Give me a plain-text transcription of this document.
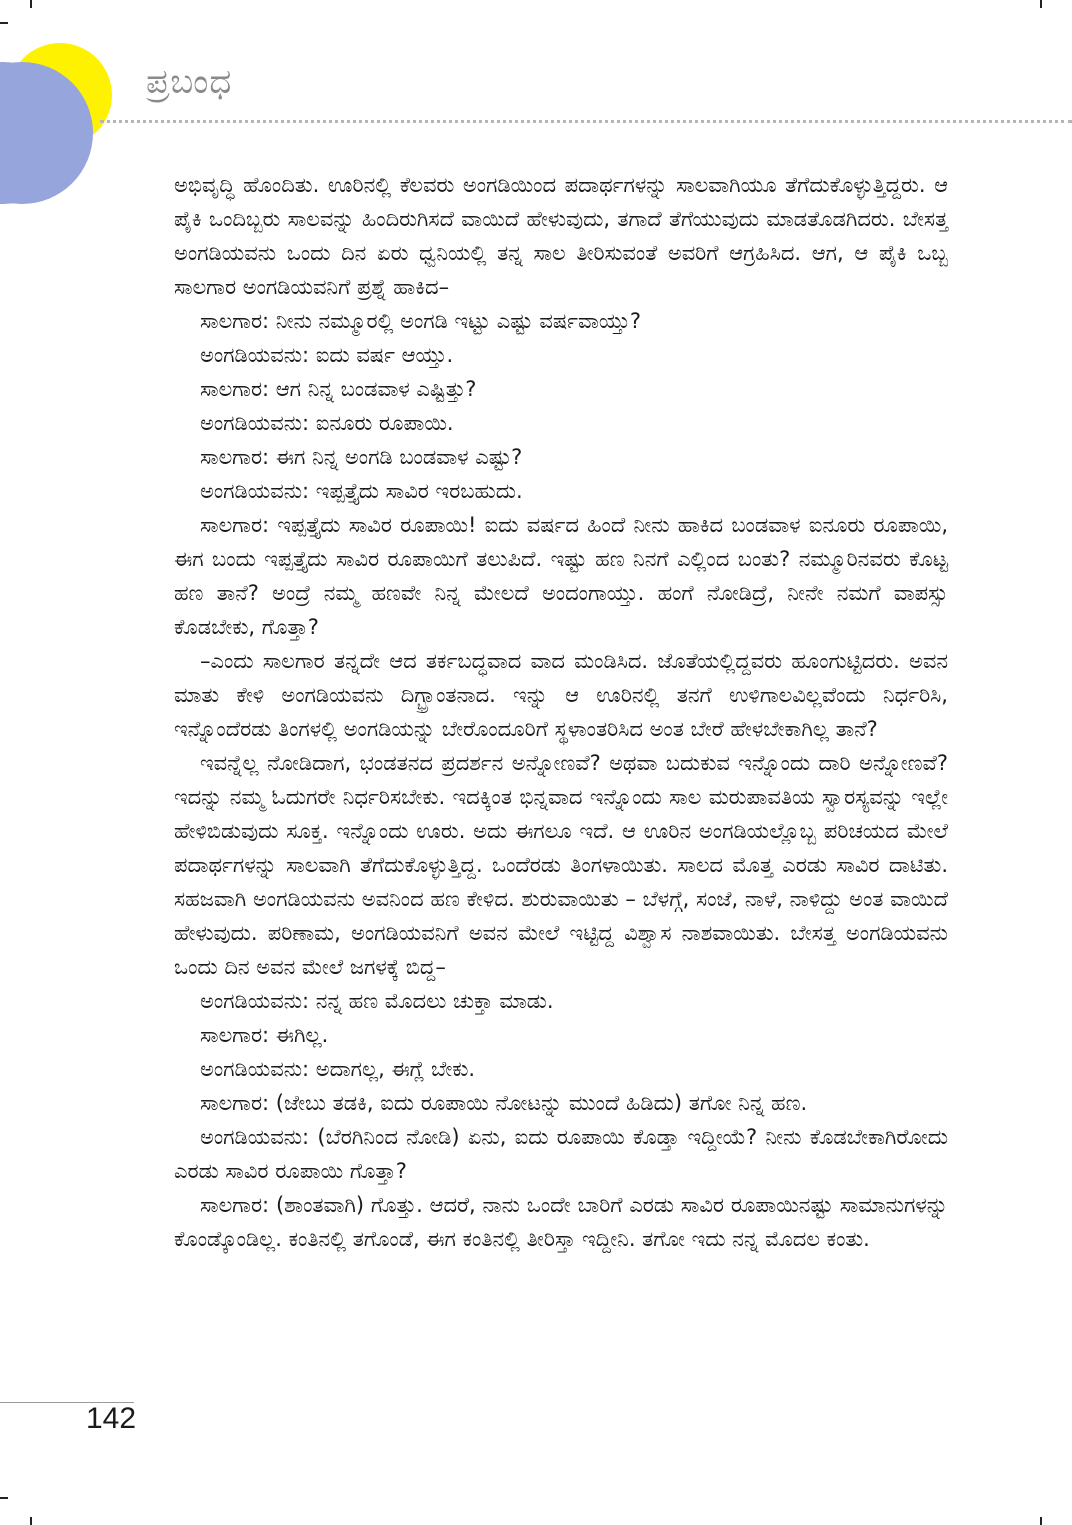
ಪ್ರಬಂಧ

ಅಭಿವೃದ್ಧಿ ಹೊಂದಿತು. ಊರಿನಲ್ಲಿ ಕೆಲವರು ಅಂಗಡಿಯಿಂದ ಪದಾರ್ಥಗಳನ್ನು ಸಾಲವಾಗಿಯೂ ತೆಗೆದುಕೊಳ್ಳುತ್ತಿದ್ದರು. ಆ ಪೈಕಿ ಒಂದಿಬ್ಬರು ಸಾಲವನ್ನು ಹಿಂದಿರುಗಿಸದೆ ವಾಯಿದೆ ಹೇಳುವುದು, ತಗಾದೆ ತೆಗೆಯುವುದು ಮಾಡತೊಡಗಿದರು. ಬೇಸತ್ತ ಅಂಗಡಿಯವನು ಒಂದು ದಿನ ಏರು ಧ್ವನಿಯಲ್ಲಿ ತನ್ನ ಸಾಲ ತೀರಿಸುವಂತೆ ಅವರಿಗೆ ಆಗ್ರಹಿಸಿದ. ಆಗ, ಆ ಪೈಕಿ ಒಬ್ಬ ಸಾಲಗಾರ ಅಂಗಡಿಯವನಿಗೆ ಪ್ರಶ್ನೆ ಹಾಕಿದ–

ಸಾಲಗಾರ: ನೀನು ನಮ್ಮೂರಲ್ಲಿ ಅಂಗಡಿ ಇಟ್ಟು ಎಷ್ಟು ವರ್ಷವಾಯ್ತು?

ಅಂಗಡಿಯವನು: ಐದು ವರ್ಷ ಆಯ್ತು.

ಸಾಲಗಾರ: ಆಗ ನಿನ್ನ ಬಂಡವಾಳ ಎಷ್ಟಿತ್ತು?

ಅಂಗಡಿಯವನು: ಐನೂರು ರೂಪಾಯಿ.

ಸಾಲಗಾರ: ಈಗ ನಿನ್ನ ಅಂಗಡಿ ಬಂಡವಾಳ ಎಷ್ಟು?

ಅಂಗಡಿಯವನು: ಇಪ್ಪತ್ತೈದು ಸಾವಿರ ಇರಬಹುದು.

ಸಾಲಗಾರ: ಇಪ್ಪತ್ತೈದು ಸಾವಿರ ರೂಪಾಯಿ! ಐದು ವರ್ಷದ ಹಿಂದೆ ನೀನು ಹಾಕಿದ ಬಂಡವಾಳ ಐನೂರು ರೂಪಾಯಿ, ಈಗ ಬಂದು ಇಪ್ಪತ್ತೈದು ಸಾವಿರ ರೂಪಾಯಿಗೆ ತಲುಪಿದೆ. ಇಷ್ಟು ಹಣ ನಿನಗೆ ಎಲ್ಲಿಂದ ಬಂತು? ನಮ್ಮೂರಿನವರು ಕೊಟ್ಟ ಹಣ ತಾನೆ? ಅಂದ್ರೆ ನಮ್ಮ ಹಣವೇ ನಿನ್ನ ಮೇಲದೆ ಅಂದಂಗಾಯ್ತು. ಹಂಗೆ ನೋಡಿದ್ರೆ, ನೀನೇ ನಮಗೆ ವಾಪಸ್ಸು ಕೊಡಬೇಕು, ಗೊತ್ತಾ?

–ಎಂದು ಸಾಲಗಾರ ತನ್ನದೇ ಆದ ತರ್ಕಬದ್ಧವಾದ ವಾದ ಮಂಡಿಸಿದ. ಜೊತೆಯಲ್ಲಿದ್ದವರು ಹೂಂಗುಟ್ಟಿದರು. ಅವನ ಮಾತು ಕೇಳಿ ಅಂಗಡಿಯವನು ದಿಗ್ಭ್ರಾಂತನಾದ. ಇನ್ನು ಆ ಊರಿನಲ್ಲಿ ತನಗೆ ಉಳಿಗಾಲವಿಲ್ಲವೆಂದು ನಿರ್ಧರಿಸಿ, ಇನ್ನೊಂದೆರಡು ತಿಂಗಳಲ್ಲಿ ಅಂಗಡಿಯನ್ನು ಬೇರೊಂದೂರಿಗೆ ಸ್ಥಳಾಂತರಿಸಿದ ಅಂತ ಬೇರೆ ಹೇಳಬೇಕಾಗಿಲ್ಲ ತಾನೆ?

ಇವನ್ನೆಲ್ಲ ನೋಡಿದಾಗ, ಭಂಡತನದ ಪ್ರದರ್ಶನ ಅನ್ನೋಣವೆ? ಅಥವಾ ಬದುಕುವ ಇನ್ನೊಂದು ದಾರಿ ಅನ್ನೋಣವೆ? ಇದನ್ನು ನಮ್ಮ ಓದುಗರೇ ನಿರ್ಧರಿಸಬೇಕು. ಇದಕ್ಕಿಂತ ಭಿನ್ನವಾದ ಇನ್ನೊಂದು ಸಾಲ ಮರುಪಾವತಿಯ ಸ್ವಾರಸ್ಯವನ್ನು ಇಲ್ಲೇ ಹೇಳಿಬಿಡುವುದು ಸೂಕ್ತ. ಇನ್ನೊಂದು ಊರು. ಅದು ಈಗಲೂ ಇದೆ. ಆ ಊರಿನ ಅಂಗಡಿಯಲ್ಲೊಬ್ಬ ಪರಿಚಯದ ಮೇಲೆ ಪದಾರ್ಥಗಳನ್ನು ಸಾಲವಾಗಿ ತೆಗೆದುಕೊಳ್ಳುತ್ತಿದ್ದ. ಒಂದೆರಡು ತಿಂಗಳಾಯಿತು. ಸಾಲದ ಮೊತ್ತ ಎರಡು ಸಾವಿರ ದಾಟಿತು. ಸಹಜವಾಗಿ ಅಂಗಡಿಯವನು ಅವನಿಂದ ಹಣ ಕೇಳಿದ. ಶುರುವಾಯಿತು – ಬೆಳಗ್ಗೆ, ಸಂಜೆ, ನಾಳೆ, ನಾಳಿದ್ದು ಅಂತ ವಾಯಿದೆ ಹೇಳುವುದು. ಪರಿಣಾಮ, ಅಂಗಡಿಯವನಿಗೆ ಅವನ ಮೇಲೆ ಇಟ್ಟಿದ್ದ ವಿಶ್ವಾಸ ನಾಶವಾಯಿತು. ಬೇಸತ್ತ ಅಂಗಡಿಯವನು ಒಂದು ದಿನ ಅವನ ಮೇಲೆ ಜಗಳಕ್ಕೆ ಬಿದ್ದ–

ಅಂಗಡಿಯವನು: ನನ್ನ ಹಣ ಮೊದಲು ಚುಕ್ತಾ ಮಾಡು.

ಸಾಲಗಾರ: ಈಗಿಲ್ಲ.

ಅಂಗಡಿಯವನು: ಅದಾಗಲ್ಲ, ಈಗ್ಲೆ ಬೇಕು.

ಸಾಲಗಾರ: (ಜೇಬು ತಡಕಿ, ಐದು ರೂಪಾಯಿ ನೋಟನ್ನು ಮುಂದೆ ಹಿಡಿದು) ತಗೋ ನಿನ್ನ ಹಣ.

ಅಂಗಡಿಯವನು: (ಬೆರಗಿನಿಂದ ನೋಡಿ) ಏನು, ಐದು ರೂಪಾಯಿ ಕೊಡ್ತಾ ಇದ್ದೀಯೆ? ನೀನು ಕೊಡಬೇಕಾಗಿರೋದು ಎರಡು ಸಾವಿರ ರೂಪಾಯಿ ಗೊತ್ತಾ?

ಸಾಲಗಾರ: (ಶಾಂತವಾಗಿ) ಗೊತ್ತು. ಆದರೆ, ನಾನು ಒಂದೇ ಬಾರಿಗೆ ಎರಡು ಸಾವಿರ ರೂಪಾಯಿನಷ್ಟು ಸಾಮಾನುಗಳನ್ನು ಕೊಂಡ್ಕೊಂಡಿಲ್ಲ. ಕಂತಿನಲ್ಲಿ ತಗೊಂಡೆ, ಈಗ ಕಂತಿನಲ್ಲಿ ತೀರಿಸ್ತಾ ಇದ್ದೀನಿ. ತಗೋ ಇದು ನನ್ನ ಮೊದಲ ಕಂತು.

142
